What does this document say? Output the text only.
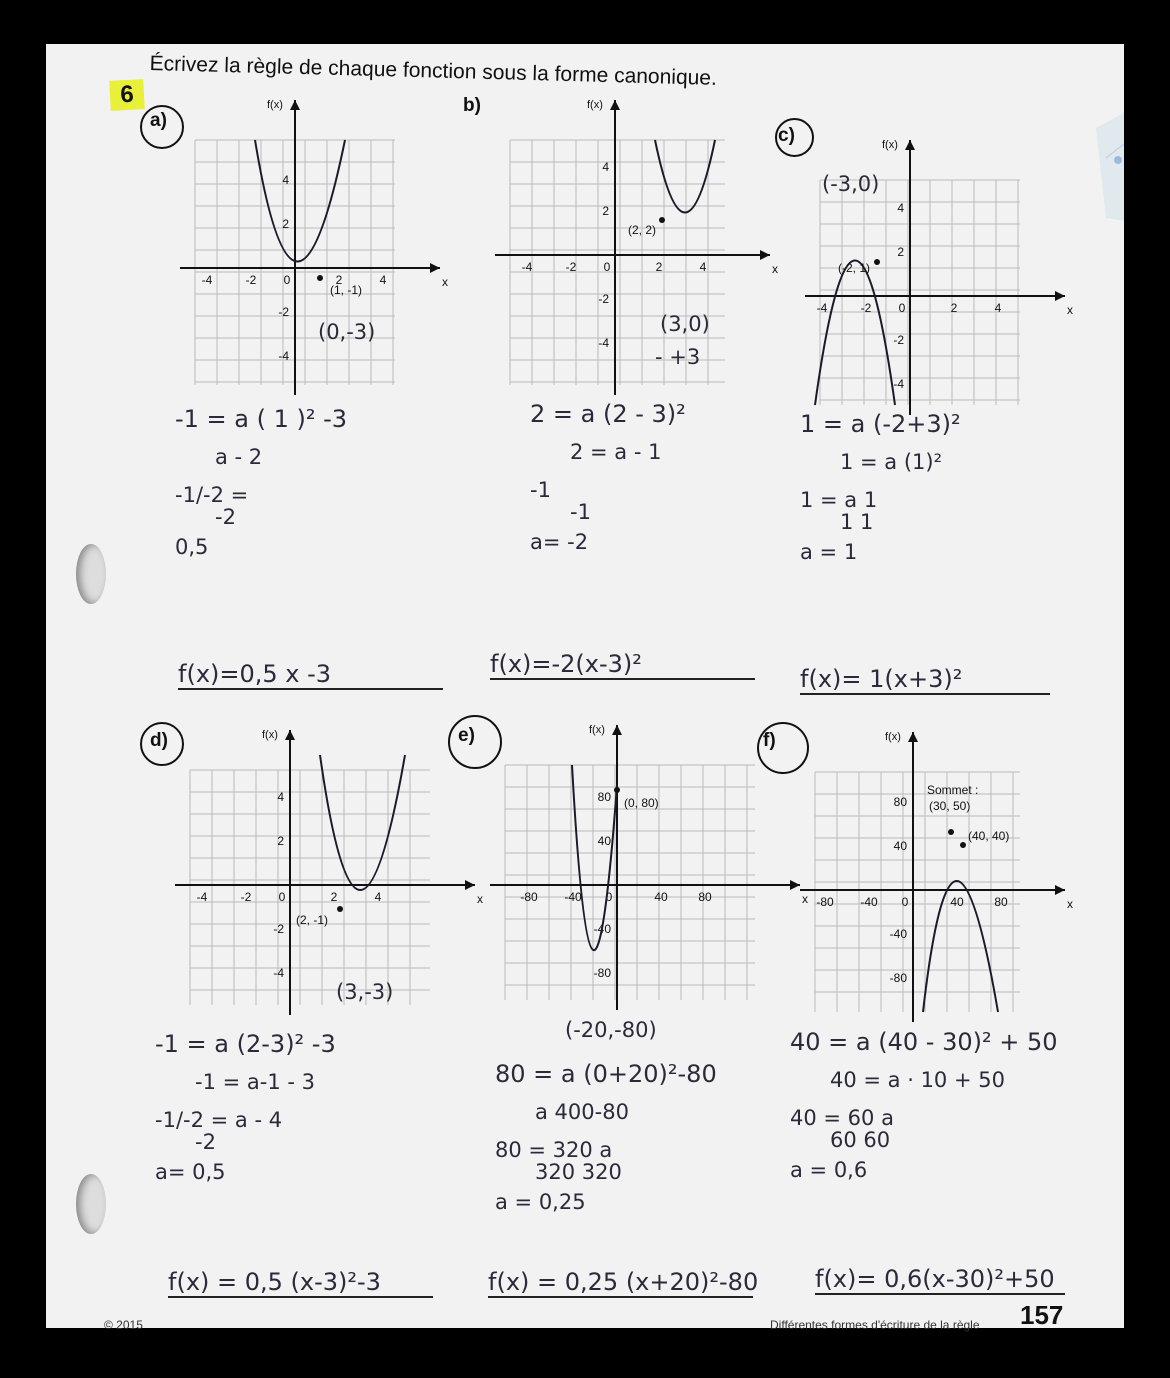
6
Écrivez la règle de chaque fonction sous la forme canonique.
a)
f(x)
x
-4	-2 0	2	4
4
2
-2
-4
(1, -1)
(0,-3)
-1 = a ( 1 )² -3
a - 2
-1/-2 =
-2
0,5
f(x)=0,5 x -3
b)	f(x)
x
-4	-2 0	2	4
4
2
-2
-4
(2, 2)
(3,0)
- +3
2 = a (2 - 3)²
2 = a - 1
-1
-1
a= -2
f(x)=-2(x-3)²
c)	f(x)
x
-4	-2 0	2	4
4
2
-2
-4
(-2, 1)
(-3,0)
1 = a (-2+3)²
1 = a (1)²
1 = a 1
1 1
a = 1
f(x)= 1(x+3)²
d)	f(x)
x
-4	-2 0	2	4
4
2
-2
-4
(2, -1)
(3,-3)
-1 = a (2-3)² -3
-1 = a-1 - 3
-1/-2 = a - 4
-2
a= 0,5
f(x) = 0,5 (x-3)²-3
e)	f(x)
x
-80 -40 0	40	80
80
40
-40
-80
(0, 80)
(-20,-80)
80 = a (0+20)²-80
a 400-80
80 = 320 a
320 320
a = 0,25
f(x) = 0,25 (x+20)²-80
f)	f(x)
x
-80 -40 0	40	80
80
40
-40
-80
(40, 40)
Sommet :
(30, 50)
40 = a (40 - 30)² + 50
40 = a · 10 + 50
40 = 60 a
60 60
a = 0,6
f(x)= 0,6(x-30)²+50
157
© 2015	Différentes formes d'écriture de la règle
